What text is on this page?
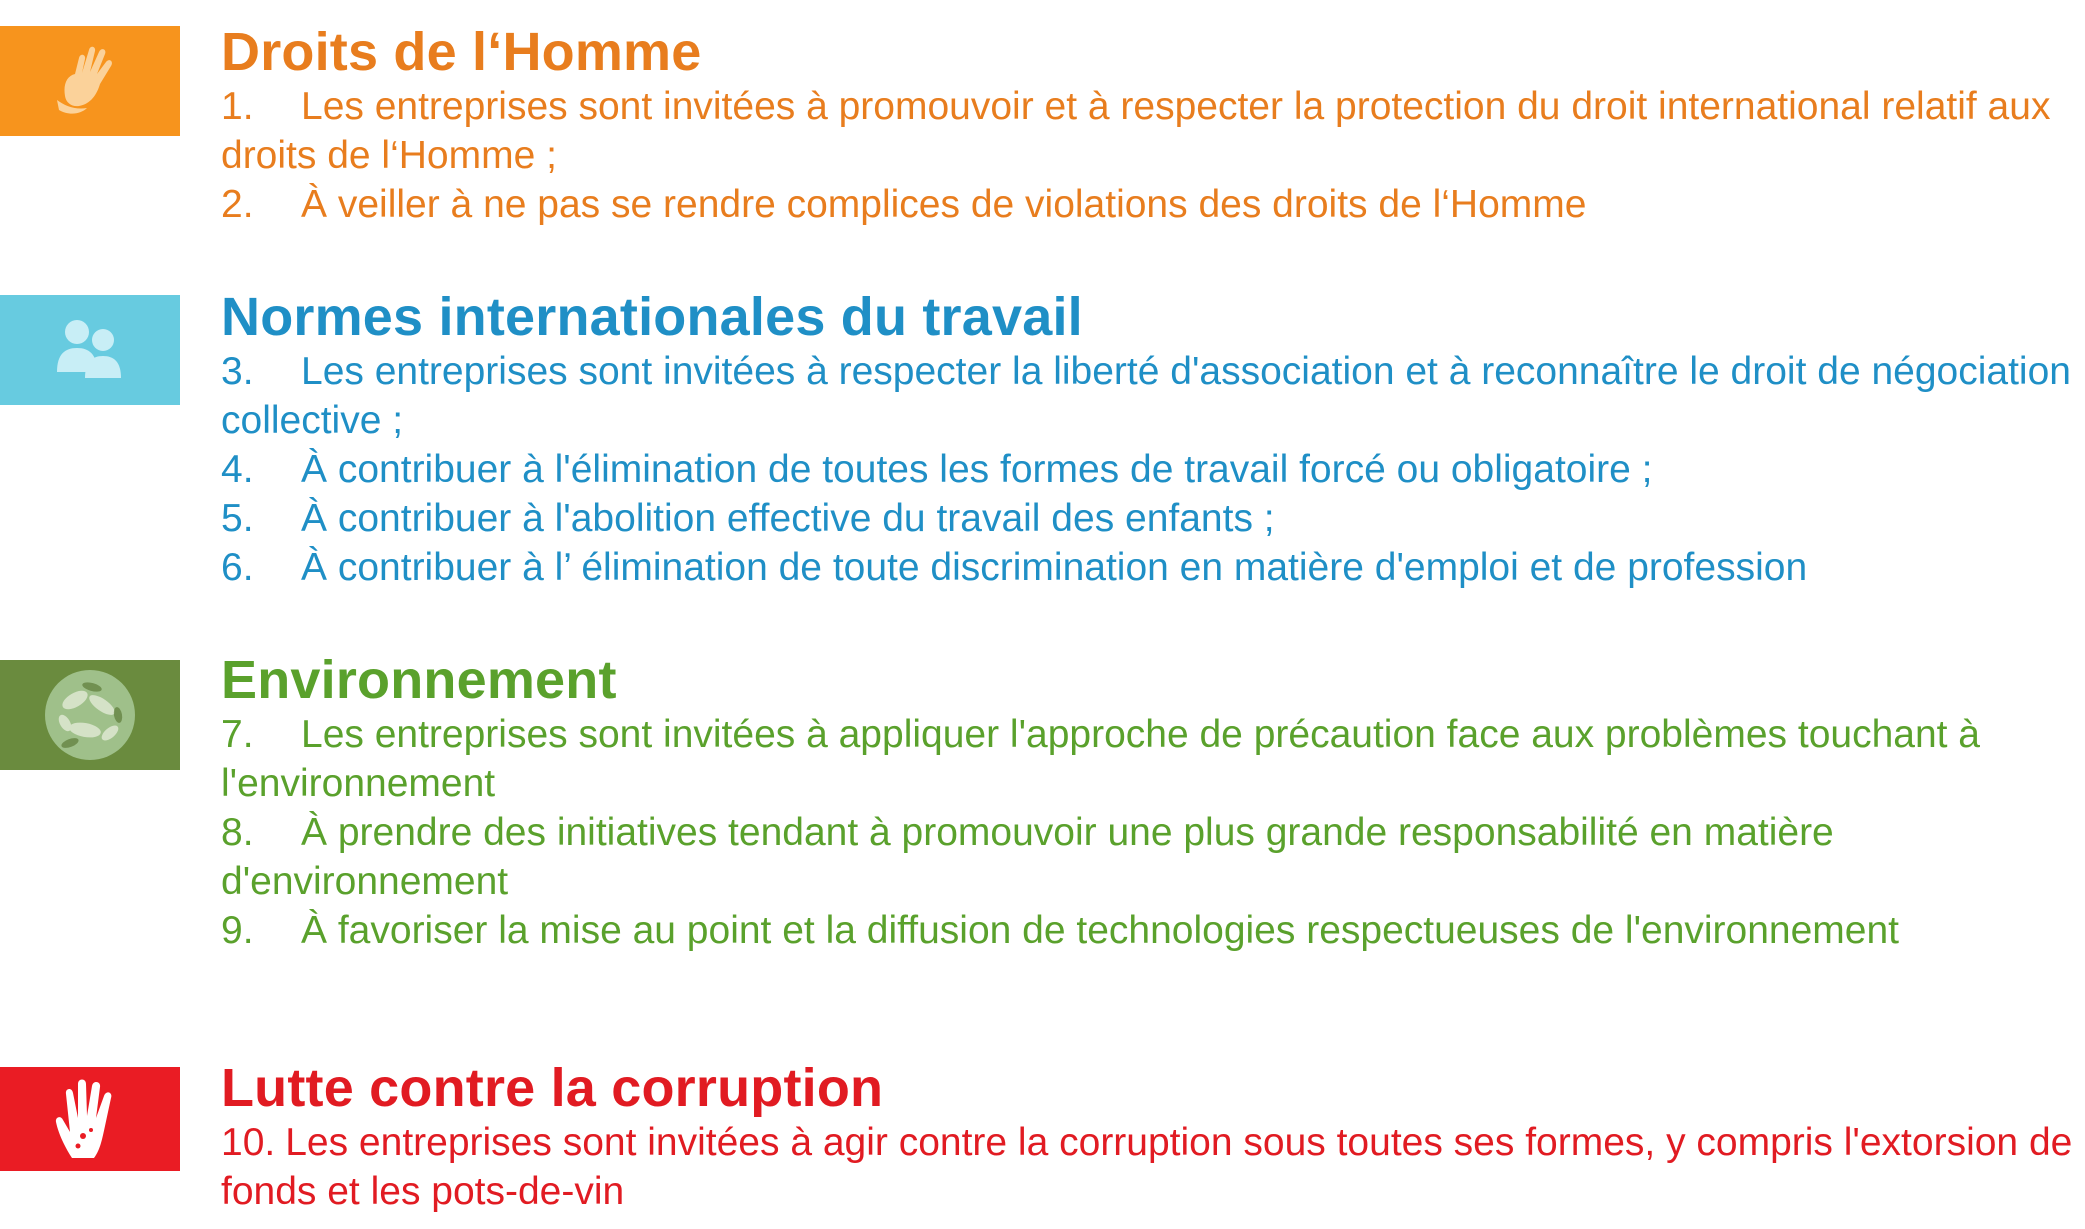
Droits de l‘Homme

1. Les entreprises sont invitées à promouvoir et à respecter la protection du droit international relatif aux droits de l‘Homme ;

2. À veiller à ne pas se rendre complices de violations des droits de l‘Homme

Normes internationales du travail

3. Les entreprises sont invitées à respecter la liberté d'association et à reconnaître le droit de négociation collective ;

4. À contribuer à l'élimination de toutes les formes de travail forcé ou obligatoire ;

5. À contribuer à l'abolition effective du travail des enfants ;

6. À contribuer à l’ élimination de toute discrimination en matière d'emploi et de profession

Environnement

7. Les entreprises sont invitées à appliquer l'approche de précaution face aux problèmes touchant à l'environnement

8. À prendre des initiatives tendant à promouvoir une plus grande responsabilité en matière d'environnement

9. À favoriser la mise au point et la diffusion de technologies respectueuses de l'environnement

Lutte contre la corruption

10. Les entreprises sont invitées à agir contre la corruption sous toutes ses formes, y compris l'extorsion de fonds et les pots-de-vin
